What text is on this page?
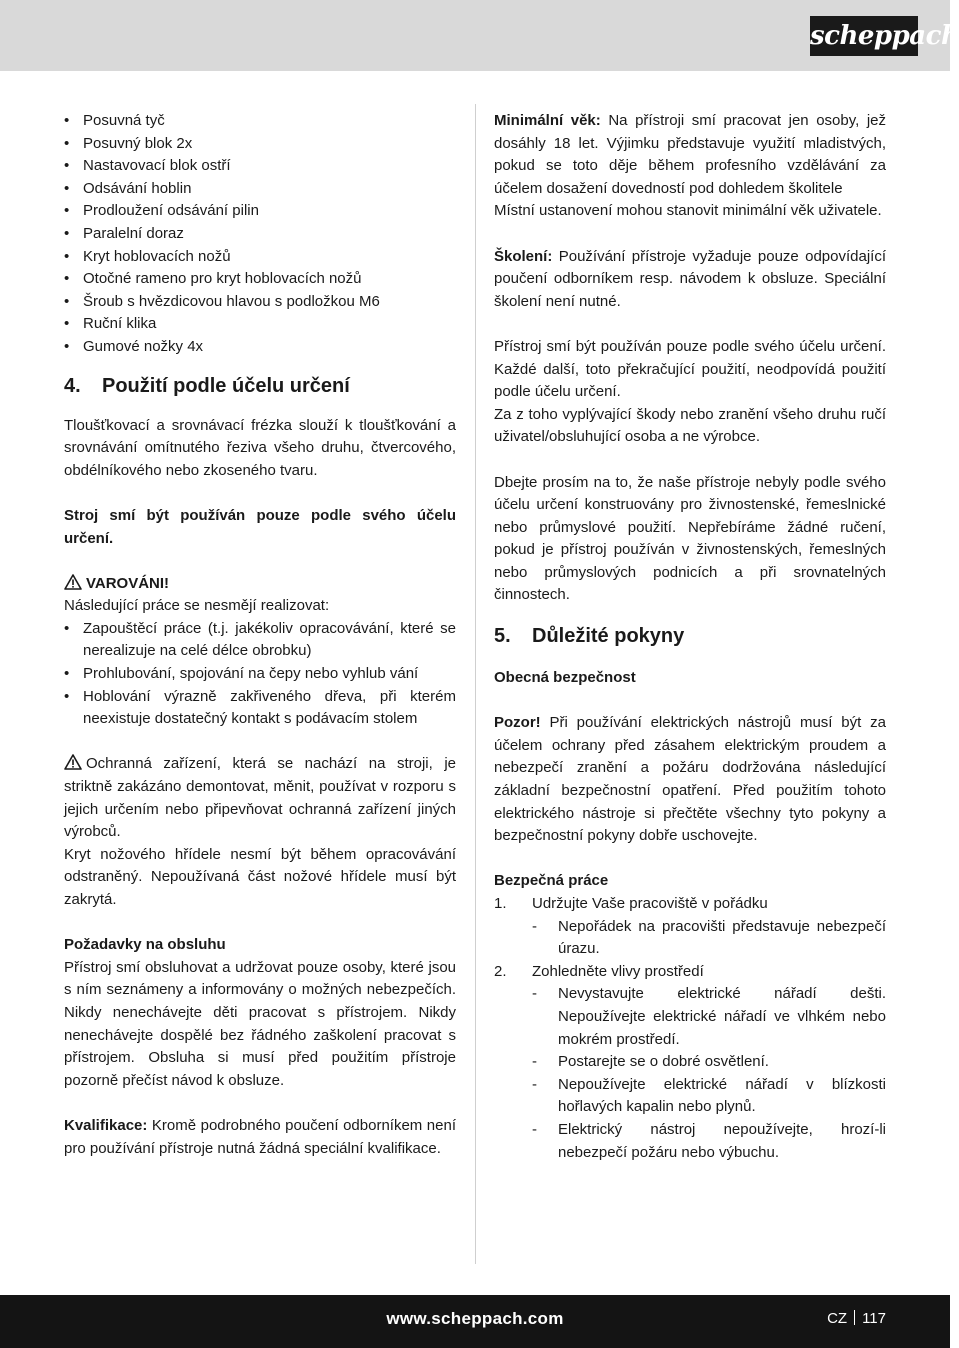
scheppach
• Posuvná tyč
• Posuvný blok 2x
• Nastavovací blok ostří
• Odsávání hoblin
• Prodloužení odsávání pilin
• Paralelní doraz
• Kryt hoblovacích nožů
• Otočné rameno pro kryt hoblovacích nožů
• Šroub s hvězdicovou hlavou s podložkou M6
• Ruční klika
• Gumové nožky 4x
4.	Použití podle účelu určení

Tloušťkovací a srovnávací frézka slouží k tloušťkování a srovnávání omítnutého řeziva všeho druhu, čtvercového, obdélníkového nebo zkoseného tvaru.

Stroj smí být používán pouze podle svého účelu určení.

VAROVÁNI!

Následující práce se nesmějí realizovat:

• Zapouštěcí práce (t.j. jakékoliv opracovávání, které se nerealizuje na celé délce obrobku)
• Prohlubování, spojování na čepy nebo vyhlub vání
• Hoblování výrazně zakřiveného dřeva, při kterém neexistuje dostatečný kontakt s podávacím stolem

Ochranná zařízení, která se nachází na stroji, je striktně zakázáno demontovat, měnit, používat v rozporu s jejich určením nebo připevňovat ochranná zařízení jiných výrobců.

Kryt nožového hřídele nesmí být během opracovávání odstraněný. Nepoužívaná část nožové hřídele musí být zakrytá.

Požadavky na obsluhu

Přístroj smí obsluhovat a udržovat pouze osoby, které jsou s ním seznámeny a informovány o možných nebezpečích. Nikdy nenechávejte děti pracovat s přístrojem. Nikdy nenechávejte dospělé bez řádného zaškolení pracovat s přístrojem. Obsluha si musí před použitím přístroje pozorně přečíst návod k obsluze.

Kvalifikace: Kromě podrobného poučení odborníkem není pro používání přístroje nutná žádná speciální kvalifikace.

Minimální věk: Na přístroji smí pracovat jen osoby, jež dosáhly 18 let. Výjimku představuje využití mladistvých, pokud se toto děje během profesního vzdělávání za účelem dosažení dovedností pod dohledem školitele

Místní ustanovení mohou stanovit minimální věk uživatele.

Školení: Používání přístroje vyžaduje pouze odpovídající poučení odborníkem resp. návodem k obsluze. Speciální školení není nutné.

Přístroj smí být používán pouze podle svého účelu určení. Každé další, toto překračující použití, neodpovídá použití podle účelu určení.

Za z toho vyplývající škody nebo zranění všeho druhu ručí uživatel/obsluhující osoba a ne výrobce.

Dbejte prosím na to, že naše přístroje nebyly podle svého účelu určení konstruovány pro živnostenské, řemeslnické nebo průmyslové použití. Nepřebíráme žádné ručení, pokud je přístroj používán v živnostenských, řemeslných nebo průmyslových podnicích a při srovnatelných činnostech.

5.	Důležité pokyny

Obecná bezpečnost

Pozor! Při používání elektrických nástrojů musí být za účelem ochrany před zásahem elektrickým proudem a nebezpečí zranění a požáru dodržována následující základní bezpečnostní opatření. Před použitím tohoto elektrického nástroje si přečtěte všechny tyto pokyny a bezpečnostní pokyny dobře uschovejte.

Bezpečná práce

1. Udržujte Vaše pracoviště v pořádku
- Nepořádek na pracovišti představuje nebezpečí úrazu.
2. Zohledněte vlivy prostředí
- Nevystavujte elektrické nářadí dešti. Nepoužívejte elektrické nářadí ve vlhkém nebo mokrém prostředí.
- Postarejte se o dobré osvětlení.
- Nepoužívejte elektrické nářadí v blízkosti hořlavých kapalin nebo plynů.
- Elektrický nástroj nepoužívejte, hrozí-li nebezpečí požáru nebo výbuchu.
www.scheppach.com	CZ 117
